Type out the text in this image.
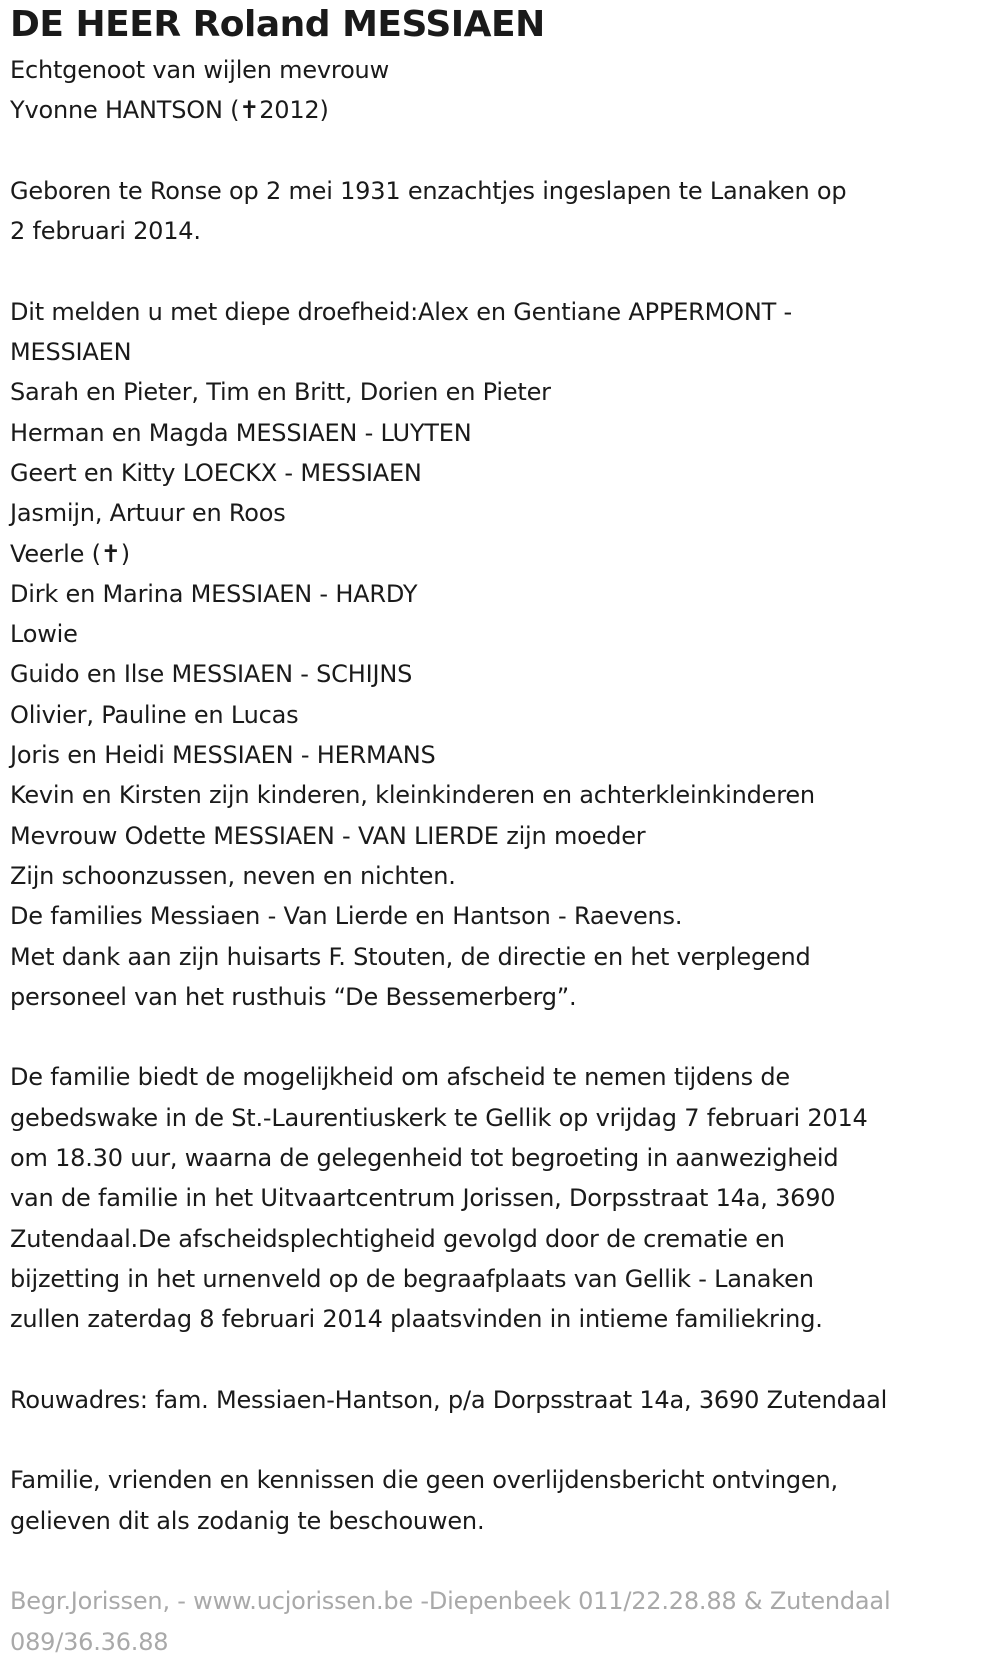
DE HEER Roland MESSIAEN
Echtgenoot van wijlen mevrouw
Yvonne HANTSON (✝2012)
Geboren te Ronse op 2 mei 1931 enzachtjes ingeslapen te Lanaken op
2 februari 2014.
Dit melden u met diepe droefheid:Alex en Gentiane APPERMONT -
MESSIAEN
Sarah en Pieter, Tim en Britt, Dorien en Pieter
Herman en Magda MESSIAEN - LUYTEN
Geert en Kitty LOECKX - MESSIAEN
Jasmijn, Artuur en Roos
Veerle (✝)
Dirk en Marina MESSIAEN - HARDY
Lowie
Guido en Ilse MESSIAEN - SCHIJNS
Olivier, Pauline en Lucas
Joris en Heidi MESSIAEN - HERMANS
Kevin en Kirsten zijn kinderen, kleinkinderen en achterkleinkinderen
Mevrouw Odette MESSIAEN - VAN LIERDE zijn moeder
Zijn schoonzussen, neven en nichten.
De families Messiaen - Van Lierde en Hantson - Raevens.
Met dank aan zijn huisarts F. Stouten, de directie en het verplegend
personeel van het rusthuis “De Bessemerberg”.
De familie biedt de mogelijkheid om afscheid te nemen tijdens de
gebedswake in de St.-Laurentiuskerk te Gellik op vrijdag 7 februari 2014
om 18.30 uur, waarna de gelegenheid tot begroeting in aanwezigheid
van de familie in het Uitvaartcentrum Jorissen, Dorpsstraat 14a, 3690
Zutendaal.De afscheidsplechtigheid gevolgd door de crematie en
bijzetting in het urnenveld op de begraafplaats van Gellik - Lanaken
zullen zaterdag 8 februari 2014 plaatsvinden in intieme familiekring.
Rouwadres: fam. Messiaen-Hantson, p/a Dorpsstraat 14a, 3690 Zutendaal
Familie, vrienden en kennissen die geen overlijdensbericht ontvingen,
gelieven dit als zodanig te beschouwen.
Begr.Jorissen, - www.ucjorissen.be -Diepenbeek 011/22.28.88 & Zutendaal
089/36.36.88
